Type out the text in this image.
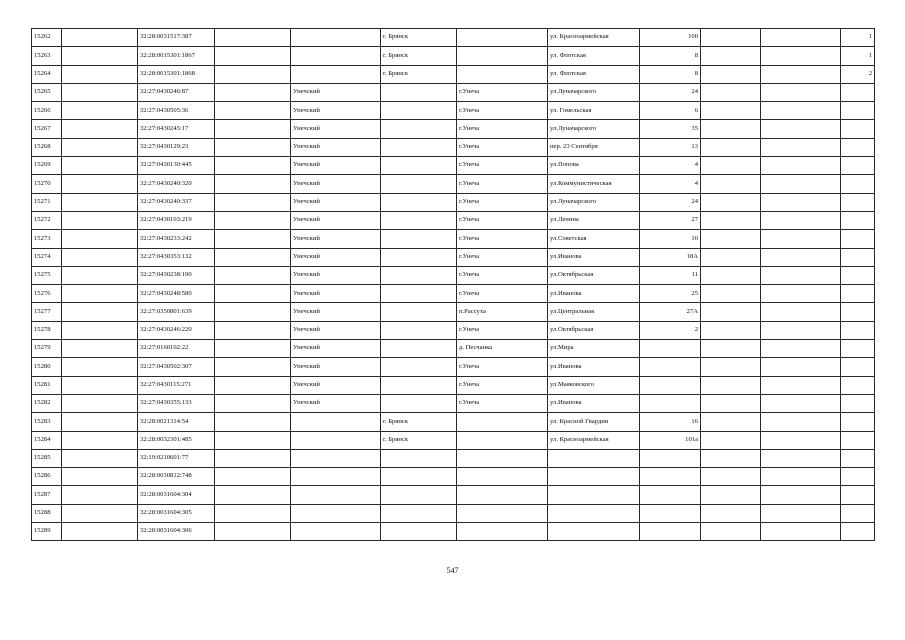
15262		32:28:0031517:387			г. Брянск		ул. Красноармейская	100			1
15263		32:28:0015301:1867			г. Брянск		ул. Флотская	8			1
15264		32:28:0015301:1868			г. Брянск		ул. Флотская	8			2
15265		32:27:0430246:87		Унечский		г.Унеча	ул.Луначарского	24			
15266		32:27:0430505:36		Унечский		г.Унеча	ул. Гомельская	6			
15267		32:27:0430245:17		Унечский		г.Унеча	ул.Луначарского	35			
15268		32:27:0430129:23		Унечский		г.Унеча	пер. 23 Сентября	13			
15269		32:27:0430130:445		Унечский		г.Унеча	ул.Попова	4			
15270		32:27:0430240:320		Унечский		г.Унеча	ул.Коммунистическая	4			
15271		32:27:0430240:337		Унечский		г.Унеча	ул.Луначарского	24			
15272		32:27:0430103:219		Унечский		г.Унеча	ул.Ленина	27			
15273		32:27:0430233:242		Унечский		г.Унеча	ул.Советская	10			
15274		32:27:0430353:132		Унечский		г.Унеча	ул.Иванова	18А			
15275		32:27:0430238:190		Унечский		г.Унеча	ул.Октябрьская	11			
15276		32:27:0430248:580		Унечский		г.Унеча	ул.Иванова	25			
15277		32:27:0350801:639		Унечский		п.Рассуха	ул.Центральная	27А			
15278		32:27:0430246:220		Унечский		г.Унеча	ул.Октябрьская	2			
15279		32:27:0160102:22		Унечский		д. Песчанка	ул.Мира				
15280		32:27:0430502:307		Унечский		г.Унеча	ул.Иванова				
15281		32:27:0430115:271		Унечский		г.Унеча	ул.Маяковского				
15282		32:27:0430355:133		Унечский		г.Унеча	ул.Иванова				
15283		32:28:0021314:54			г. Брянск		ул. Красной Гвардии	16			
15284		32:28:0032301:485			г. Брянск		ул. Красноармейская	101а			
15285		32:19:0210601:77									
15286		32:28:0030812:748									
15287		32:28:0031604:304									
15288		32:28:0031604:305									
15289		32:28:0031604:306									
547
